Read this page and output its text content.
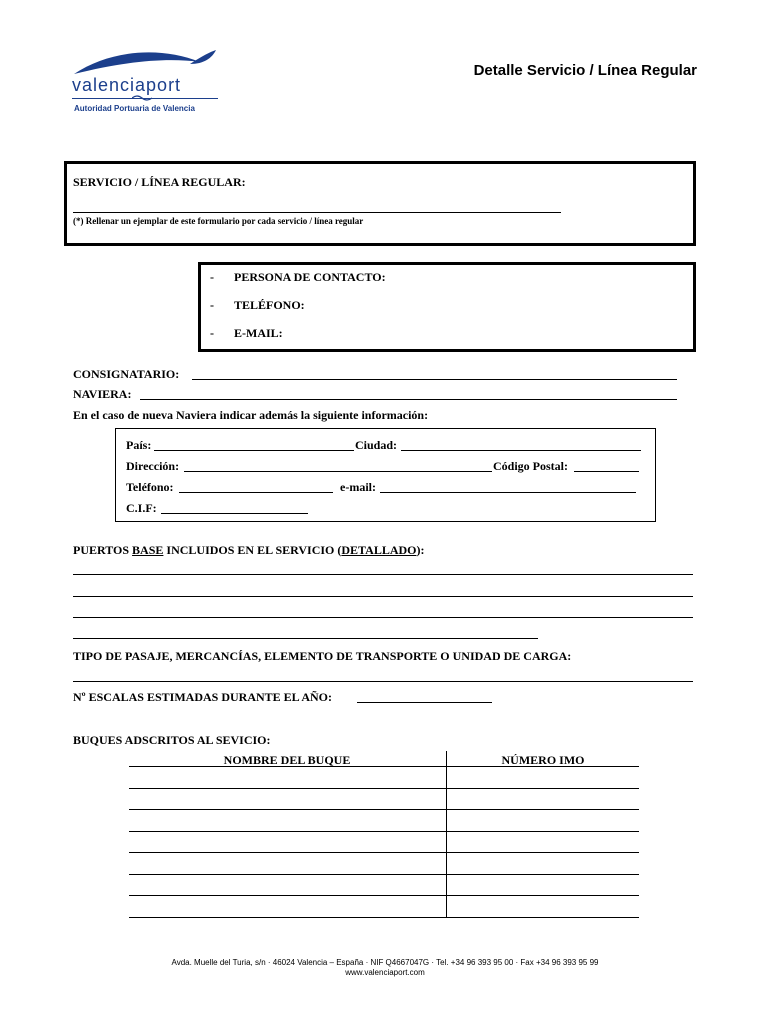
valenciaport
Autoridad Portuaria de Valencia
Detalle Servicio / Línea Regular
SERVICIO / LÍNEA REGULAR:
(*) Rellenar un ejemplar de este formulario por cada servicio / línea regular
- PERSONA DE CONTACTO:
- TELÉFONO:
- E-MAIL:
CONSIGNATARIO:
NAVIERA:
En el caso de nueva Naviera indicar además la siguiente información:
País:	Ciudad:
Dirección:	Código Postal:
Teléfono:	e-mail:
C.I.F:
PUERTOS BASE INCLUIDOS EN EL SERVICIO (DETALLADO):
TIPO DE PASAJE, MERCANCÍAS, ELEMENTO DE TRANSPORTE O UNIDAD DE CARGA:
Nº ESCALAS ESTIMADAS DURANTE EL AÑO:
BUQUES ADSCRITOS AL SEVICIO:
NOMBRE DEL BUQUE	NÚMERO IMO
Avda. Muelle del Turia, s/n · 46024 Valencia – España · NIF Q4667047G · Tel. +34 96 393 95 00 · Fax +34 96 393 95 99
www.valenciaport.com
